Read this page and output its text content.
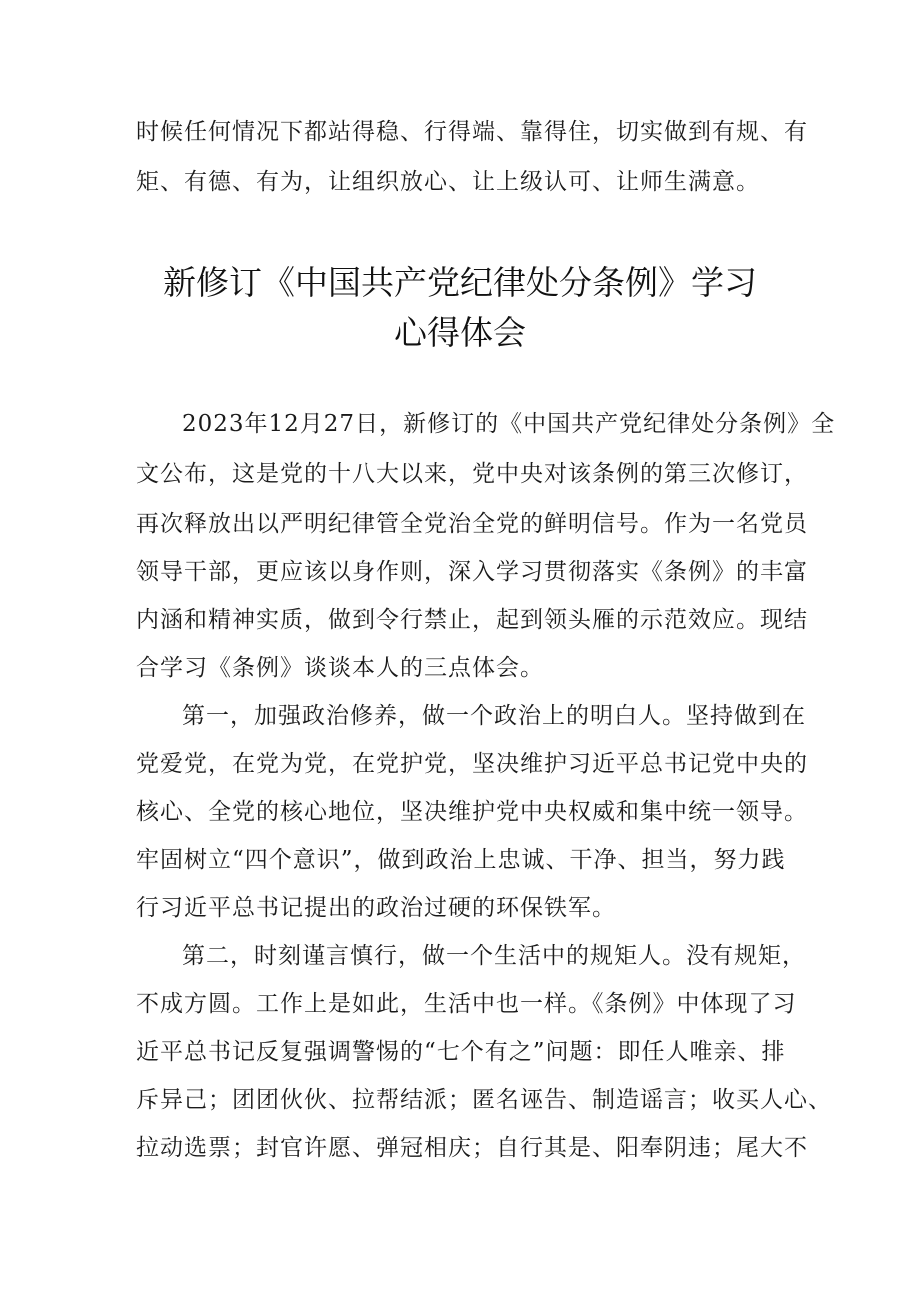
时候任何情况下都站得稳、行得端、靠得住，切实做到有规、有
矩、有德、有为，让组织放心、让上级认可、让师生满意。
新修订《中国共产党纪律处分条例》学习
心得体会
2023年12月27日，新修订的《中国共产党纪律处分条例》全
文公布，这是党的十八大以来，党中央对该条例的第三次修订，
再次释放出以严明纪律管全党治全党的鲜明信号。作为一名党员
领导干部，更应该以身作则，深入学习贯彻落实《条例》的丰富
内涵和精神实质，做到令行禁止，起到领头雁的示范效应。现结
合学习《条例》谈谈本人的三点体会。
第一，加强政治修养，做一个政治上的明白人。坚持做到在
党爱党，在党为党，在党护党，坚决维护习近平总书记党中央的
核心、全党的核心地位，坚决维护党中央权威和集中统一领导。
牢固树立“四个意识”，做到政治上忠诚、干净、担当，努力践
行习近平总书记提出的政治过硬的环保铁军。
第二，时刻谨言慎行，做一个生活中的规矩人。没有规矩，
不成方圆。工作上是如此，生活中也一样。《条例》中体现了习
近平总书记反复强调警惕的“七个有之”问题：即任人唯亲、排
斥异己；团团伙伙、拉帮结派；匿名诬告、制造谣言；收买人心、
拉动选票；封官许愿、弹冠相庆；自行其是、阳奉阴违；尾大不
